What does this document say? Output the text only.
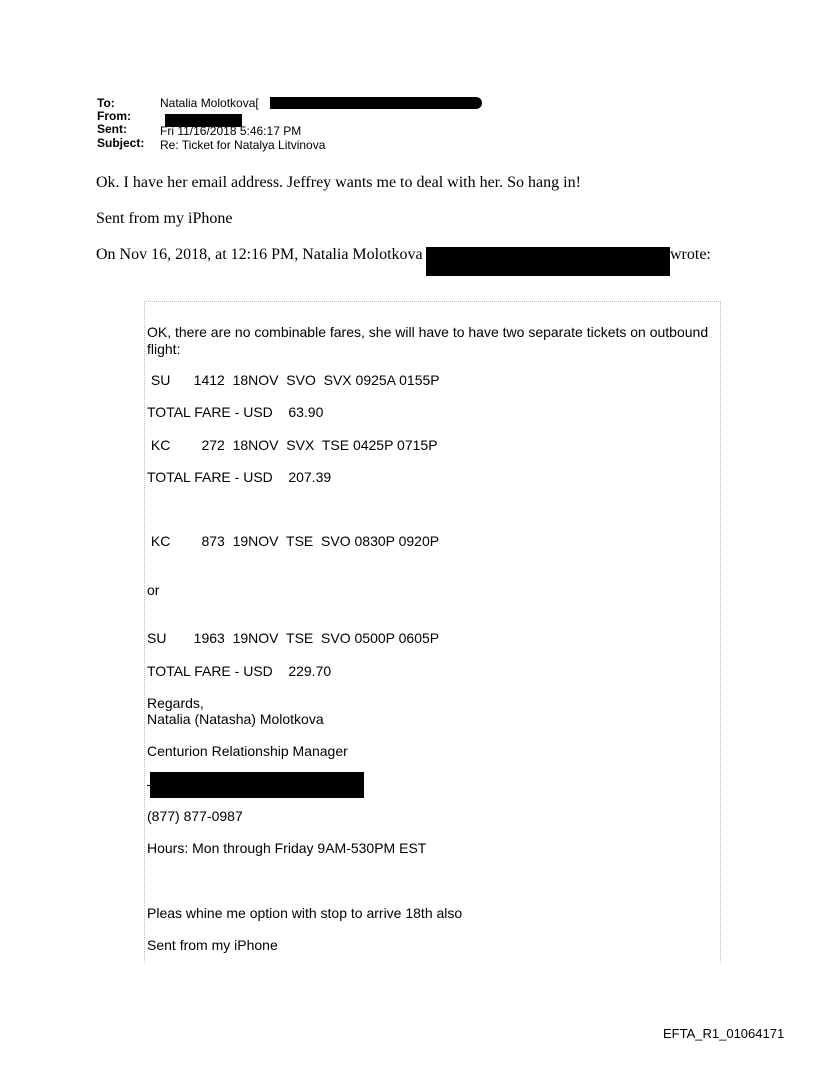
To:	Natalia Molotkova[
From:
Sent:	Fri 11/16/2018 5:46:17 PM
Subject: Re: Ticket for Natalya Litvinova
Ok. I have her email address. Jeffrey wants me to deal with her. So hang in!
Sent from my iPhone
On Nov 16, 2018, at 12:16 PM, Natalia Molotkova	wrote:
OK, there are no combinable fares, she will have to have two separate tickets on outbound
flight:
SU      1412  18NOV  SVO  SVX 0925A 0155P
TOTAL FARE - USD    63.90
KC        272  18NOV  SVX  TSE 0425P 0715P
TOTAL FARE - USD    207.39
KC        873  19NOV  TSE  SVO 0830P 0920P
or
SU       1963  19NOV  TSE  SVO 0500P 0605P
TOTAL FARE - USD    229.70
Regards,
Natalia (Natasha) Molotkova
Centurion Relationship Manager
(877) 877-0987
Hours: Mon through Friday 9AM-530PM EST
Pleas whine me option with stop to arrive 18th also
Sent from my iPhone
EFTA_R1_01064171
